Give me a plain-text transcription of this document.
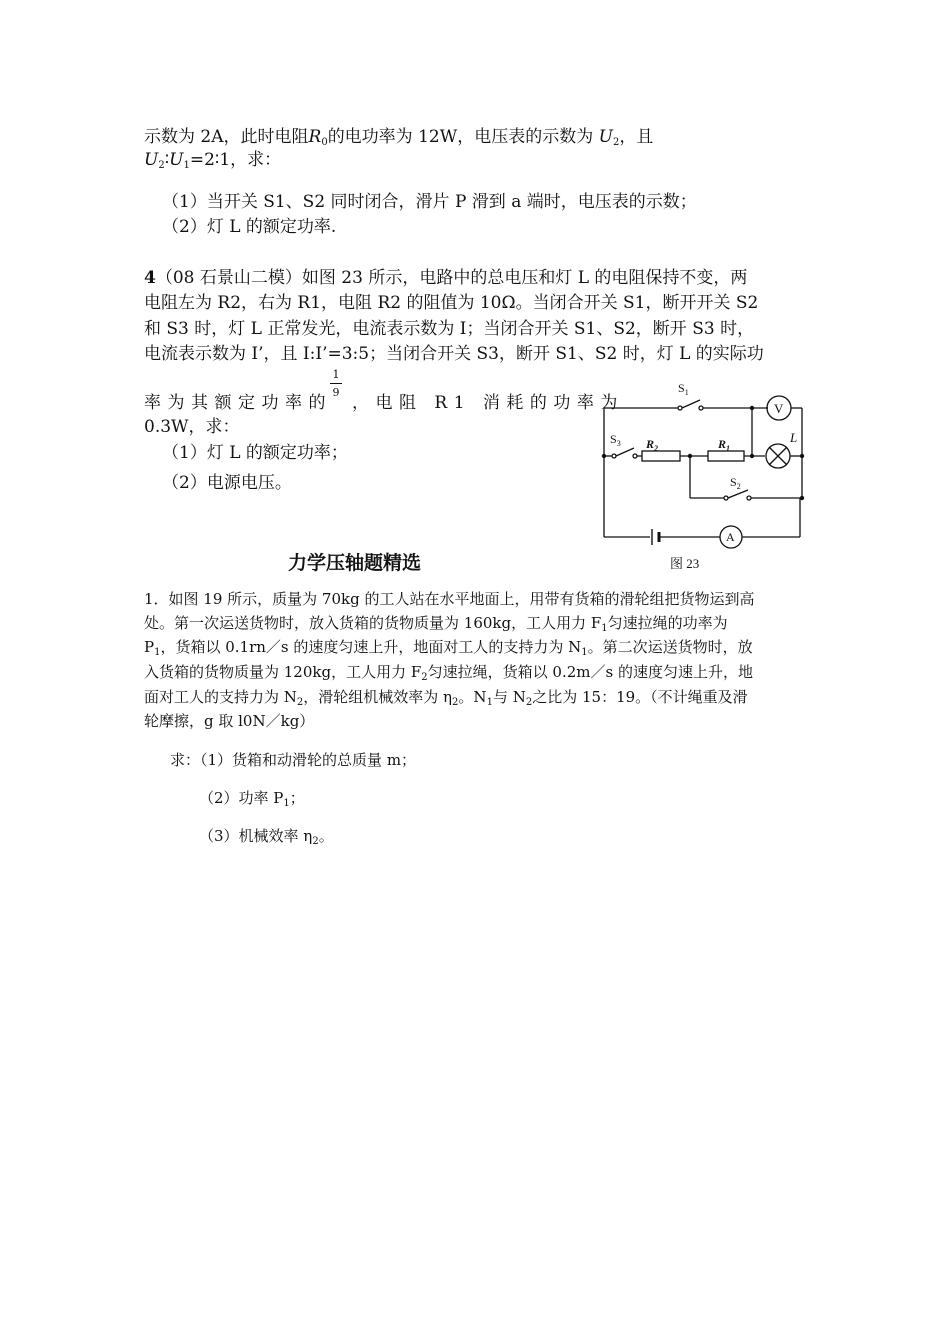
示数为 2A，此时电阻$R_0$的电功率为 12W，电压表的示数为 $U_2$，且
$U_2∶U_1=2∶1$，求：
（1）当开关 S1、S2 同时闭合，滑片 P 滑到 a 端时，电压表的示数；
（2）灯 L 的额定功率.
4（08 石景山二模）如图 23 所示，电路中的总电压和灯 L 的电阻保持不变，两
电阻左为 R2，右为 R1，电阻 R2 的阻值为 10Ω。当闭合开关 S1，断开开关 S2
和 S3 时，灯 L 正常发光，电流表示数为 I；当闭合开关 S1、S2，断开 S3 时，
电流表示数为 I’，且 I:I’=3:5；当闭合开关 S3，断开 S1、S2 时，灯 L 的实际功
率为其额定功率的
1
9
，电阻 R1 消耗的功率为
0.3W，求：
（1）灯 L 的额定功率；
（2）电源电压。
$S_1$
$S_3$ $R_2$	$R_1$
$S_2$
V
L
A
图 23
力学压轴题精选
1．如图 19 所示，质量为 70kg 的工人站在水平地面上，用带有货箱的滑轮组把货物运到高
处。第一次运送货物时，放入货箱的货物质量为 160kg，工人用力 $F_1$匀速拉绳的功率为
$P_1$，货箱以 0.1rn／s 的速度匀速上升，地面对工人的支持力为 $N_1$。第二次运送货物时，放
入货箱的货物质量为 120kg，工人用力 $F_2$匀速拉绳，货箱以 0.2m／s 的速度匀速上升，地
面对工人的支持力为 $N_2$，滑轮组机械效率为 $\eta_2$。$N_1$与 $N_2$之比为 15：19。（不计绳重及滑
轮摩擦，g 取 l0N／kg）
求：（1）货箱和动滑轮的总质量 m；
（2）功率 $P_1$；
（3）机械效率 $\eta_2$。
